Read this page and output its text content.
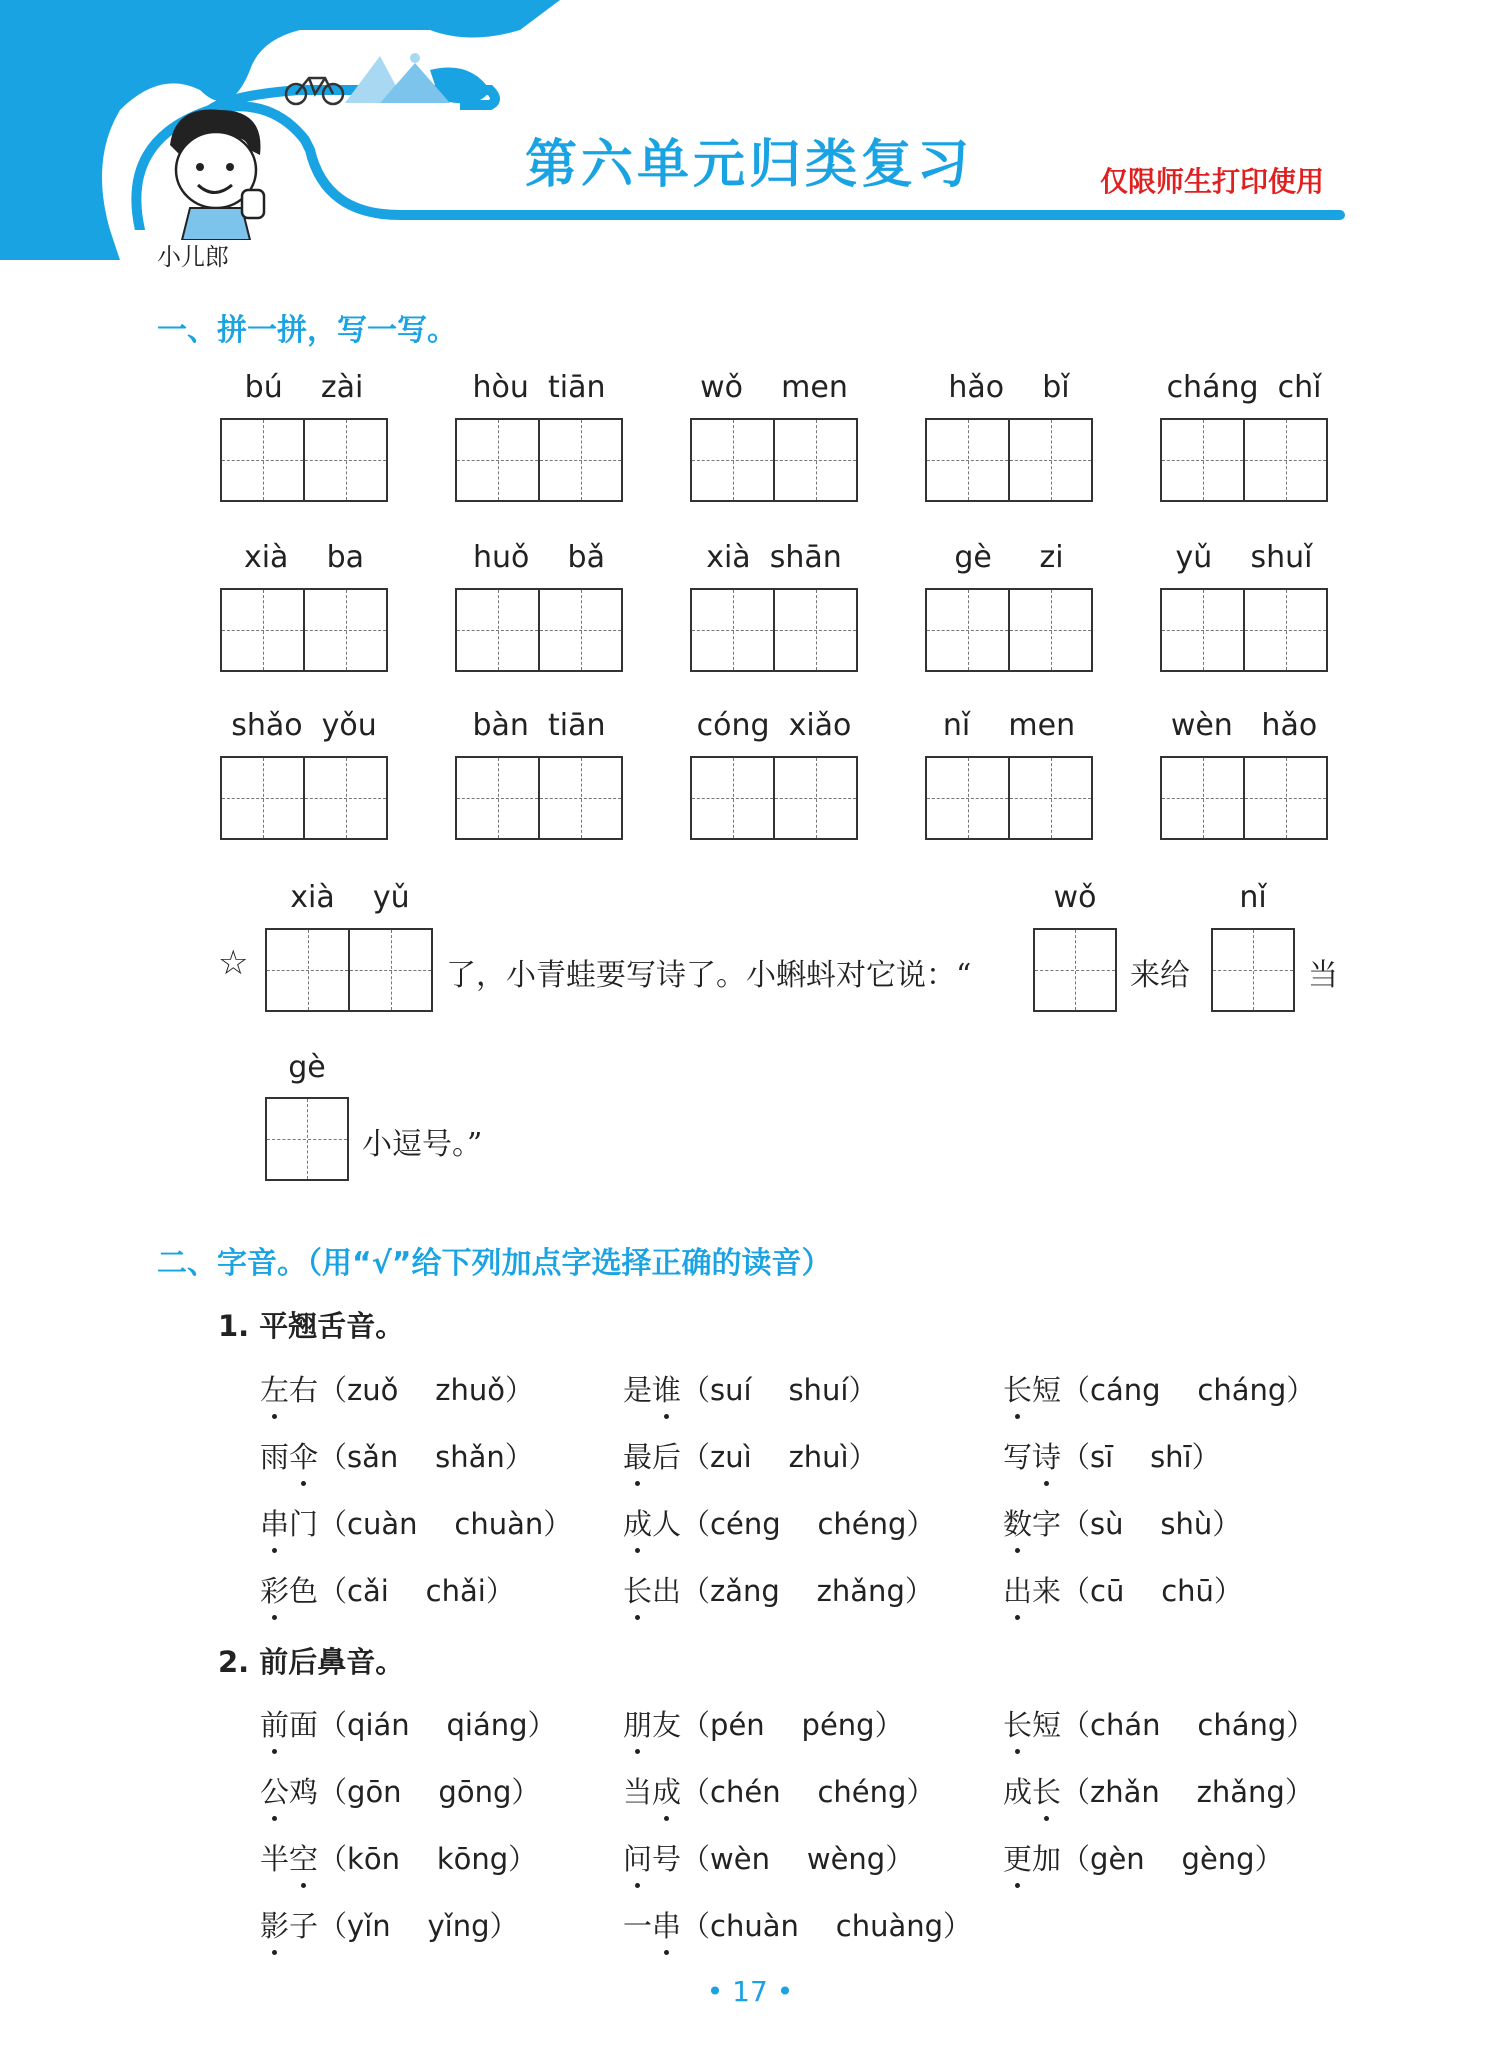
小儿郎
第六单元归类复习	仅限师生打印使用
一、拼一拼，写一写。
bú    zài	hòu  tiān	wǒ    men	hǎo    bǐ	cháng  chǐ
xià    ba	huǒ    bǎ	xià  shān	gè     zi	yǔ    shuǐ
shǎo  yǒu	bàn  tiān	cóng  xiǎo	nǐ    men	wèn   hǎo
xià    yǔ
☆	了，小青蛙要写诗了。小蝌蚪对它说：“
wǒ
来给
nǐ
当
gè
小逗号。”
二、字音。（用“√”给下列加点字选择正确的读音）
1. 平翘舌音。
左右（zuǒ    zhuǒ）	是谁（suí    shuí）	长短（cáng    cháng）
雨伞（sǎn    shǎn）	最后（zuì    zhuì）	写诗（sī    shī）
串门（cuàn    chuàn） 成人（céng    chéng） 数字（sù    shù）
彩色（cǎi    chǎi）	长出（zǎng    zhǎng） 出来（cū    chū）
2. 前后鼻音。
前面（qián    qiáng） 朋友（pén    péng）	长短（chán    cháng）
公鸡（gōn    gōng）	当成（chén    chéng） 成长（zhǎn    zhǎng）
半空（kōn    kōng）	问号（wèn    wèng）	更加（gèn    gèng）
影子（yǐn    yǐng）	一串（chuàn    chuàng）
• 17 •
